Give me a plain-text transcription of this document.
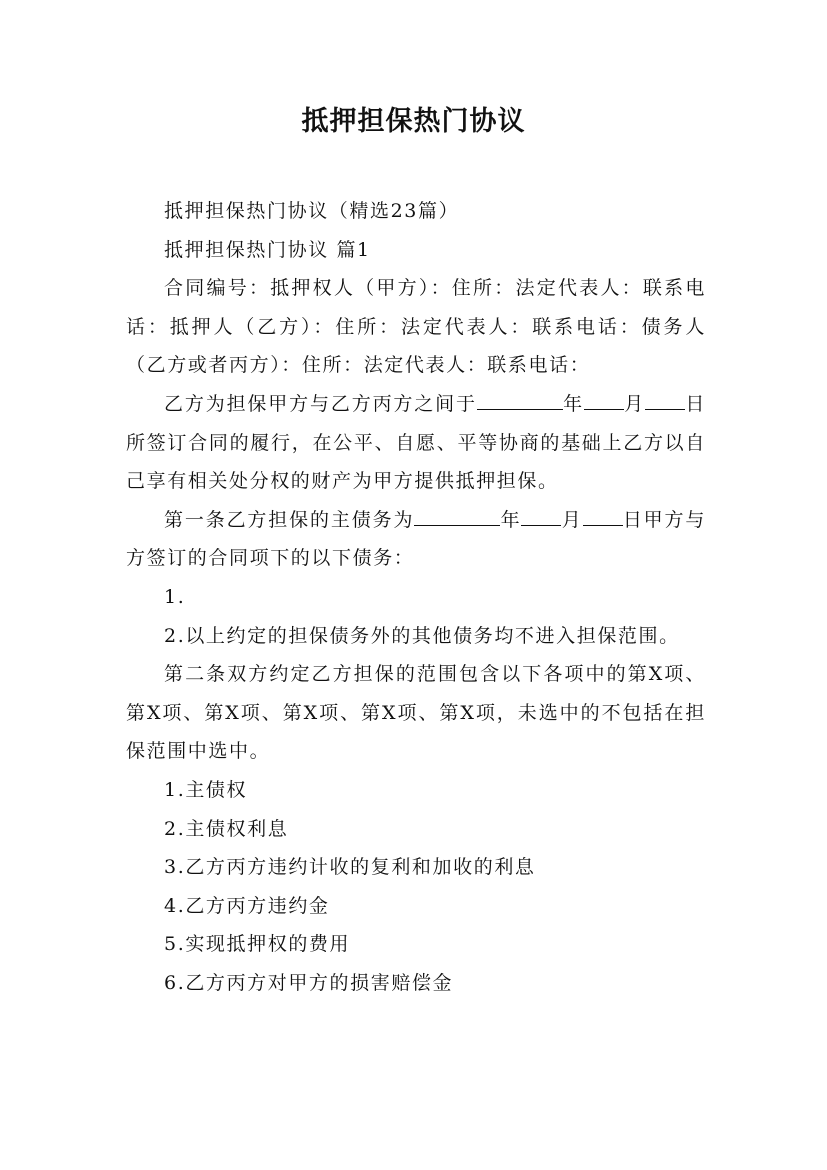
抵押担保热门协议

抵押担保热门协议（精选23篇）

抵押担保热门协议 篇1

合同编号：抵押权人（甲方）：住所：法定代表人：联系电话：抵押人（乙方）：住所：法定代表人：联系电话：债务人（乙方或者丙方）：住所：法定代表人：联系电话：

乙方为担保甲方与乙方丙方之间于	年 月 日所签订合同的履行，在公平、自愿、平等协商的基础上乙方以自己享有相关处分权的财产为甲方提供抵押担保。

第一条乙方担保的主债务为	年 月 日甲方与方签订的合同项下的以下债务：

1.

2.以上约定的担保债务外的其他债务均不进入担保范围。

第二条双方约定乙方担保的范围包含以下各项中的第X项、第X项、第X项、第X项、第X项、第X项，未选中的不包括在担保范围中选中。

1.主债权

2.主债权利息

3.乙方丙方违约计收的复利和加收的利息

4.乙方丙方违约金

5.实现抵押权的费用

6.乙方丙方对甲方的损害赔偿金
